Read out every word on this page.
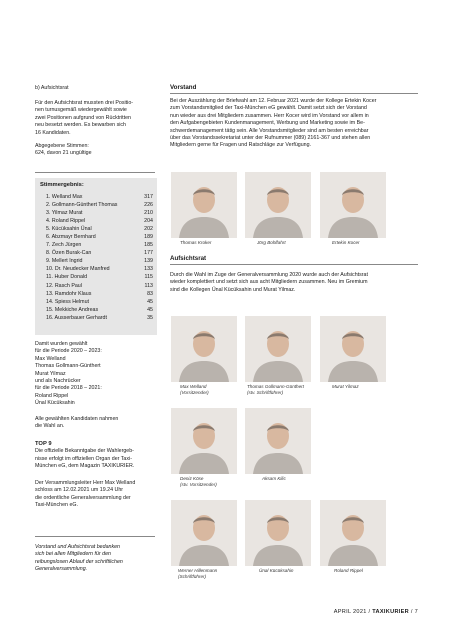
b) Aufsichtsrat

Für den Aufsichtsrat mussten drei Positio-

nen turnusgemäß wiedergewählt sowie

zwei Positionen aufgrund von Rücktritten

neu besetzt werden. Es bewarben sich

16 Kandidaten.

Abgegebene Stimmen:

624, davon 21 ungültige

Stimmergebnis:
1. Welland Max	317
2. Gollmann-Günthert Thomas	226
3. Yilmaz Murat	210
4. Roland Rippel	204
5. Kücüksahin Ünal	202
6. Abzmayr Bernhard	189
7. Zech Jürgen	185
8. Özen Burak-Can	177
9. Mellert Ingrid	139
10. Dr. Neudecker Manfred	133
11. Huber Donald	115
12. Rasch Paul	113
13. Ramdohr Klaus	83
14. Spiess Helmut	45
15. Mekkiche Andreas	45
16. Ausserbauer Gerhardt	35

Damit wurden gewählt

für die Periode 2020 – 2023:

Max Welland

Thomas Gollmann-Günthert

Murat Yilmaz

und als Nachrücker

für die Periode 2018 – 2021:

Roland Rippel

Ünal Kücüksahin

Alle gewählten Kandidaten nahmen

die Wahl an.

TOP 9

Die offizielle Bekanntgabe der Wahlergeb-

nisse erfolgt im offiziellen Organ der Taxi-

München eG, dem Magazin TAXIKURIER.

Der Versammlungsleiter Herr Max Welland

schloss am 12.02.2021 um 19.24 Uhr

die ordentliche Generalversammlung der

Taxi-München eG.

Vorstand und Aufsichtsrat bedanken

sich bei allen Mitgliedern für den

reibungslosen Ablauf der schriftlichen

Generalversammlung.

Vorstand
Bei der Auszählung der Briefwahl am 12. Februar 2021 wurde der Kollege Ertekin Kocer
zum Vorstandsmitglied der Taxi-München eG gewählt. Damit setzt sich der Vorstand
nun wieder aus drei Mitgliedern zusammen. Herr Kocer wird im Vorstand vor allem in
den Aufgabengebieten Kundenmanagement, Werbung und Marketing sowie im Be-
schwerdemanagement tätig sein. Alle Vorstandsmitglieder sind am besten erreichbar
über das Vorstandssekretariat unter der Rufnummer (089) 2161-367 und stehen allen
Mitgliedern gerne für Fragen und Ratschläge zur Verfügung.
Thomas Kroker	Jörg Bohlfahrt	Ertekin Kocer
Aufsichtsrat
Durch die Wahl im Zuge der Generalversammlung 2020 wurde auch der Aufsichtsrat
wieder komplettiert und setzt sich aus acht Mitgliedern zusammen. Neu im Gremium
sind die Kollegen Ünal Kücüksahin und Murat Yilmaz.
Max Welland
(Vorsitzender)
Thomas Gollmann-Günthert
(stv. Schriftführer)
Murat Yilmaz
Deniz Köse
(stv. Vorsitzender)
Aksam Kilic
Werner Hillenmann
(Schriftführer)
Ünal Kücüksahin	Roland Rippel
APRIL 2021 / TAXIKURIER / 7
